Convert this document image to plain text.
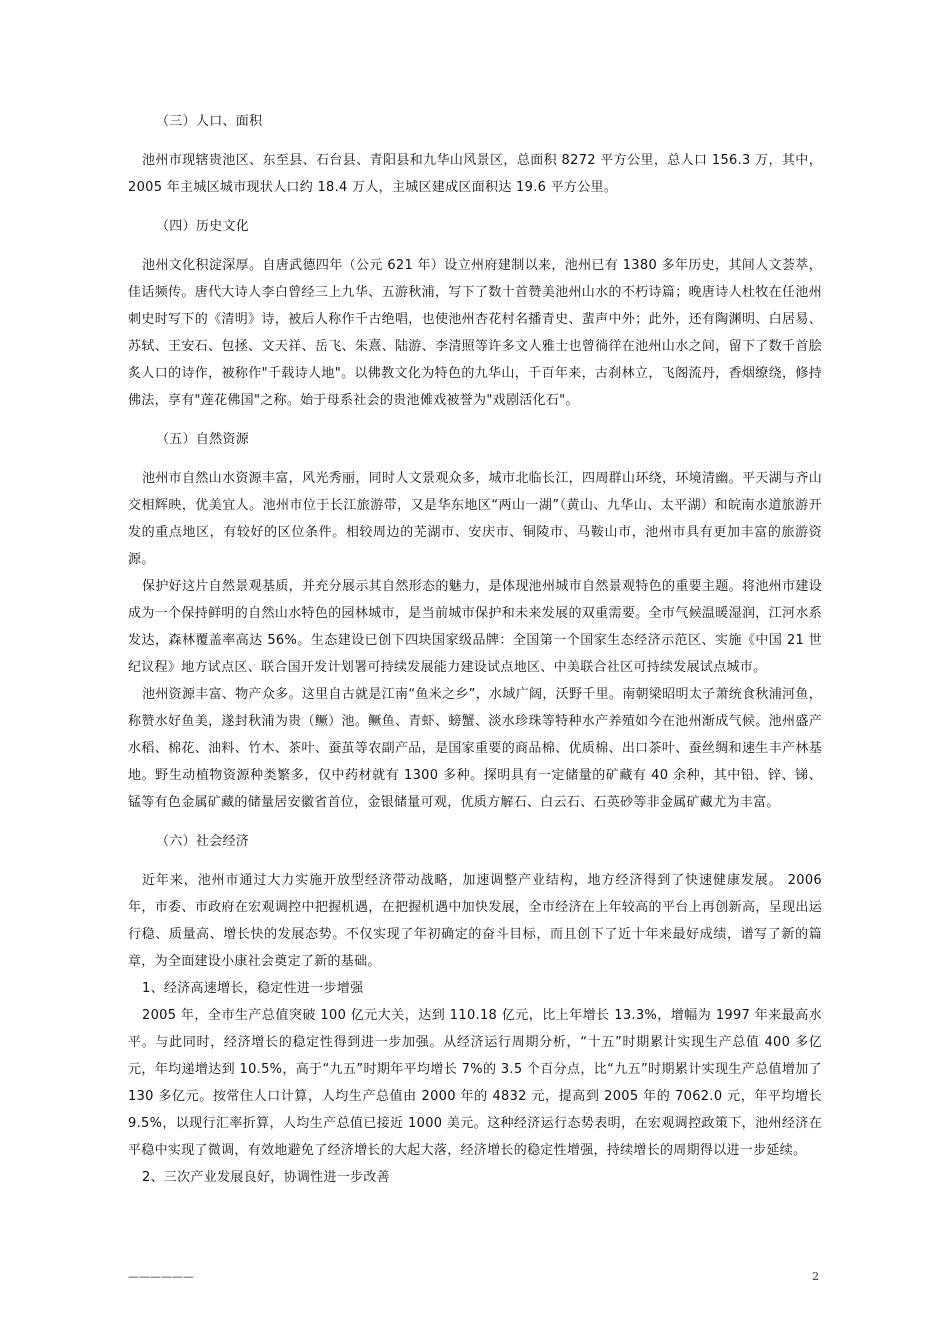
（三）人口、面积

池州市现辖贵池区、东至县、石台县、青阳县和九华山风景区，总面积 8272 平方公里，总人口 156.3 万，其中，2005 年主城区城市现状人口约 18.4 万人，主城区建成区面积达 19.6 平方公里。

（四）历史文化

池州文化积淀深厚。自唐武德四年（公元 621 年）设立州府建制以来，池州已有 1380 多年历史，其间人文荟萃，佳话频传。唐代大诗人李白曾经三上九华、五游秋浦，写下了数十首赞美池州山水的不朽诗篇；晚唐诗人杜牧在任池州刺史时写下的《清明》诗，被后人称作千古绝唱，也使池州杏花村名播青史、蜚声中外；此外，还有陶渊明、白居易、苏轼、王安石、包拯、文天祥、岳飞、朱熹、陆游、李清照等许多文人雅士也曾徜徉在池州山水之间，留下了数千首脍炙人口的诗作，被称作"千载诗人地"。以佛教文化为特色的九华山，千百年来，古刹林立，飞阁流丹，香烟缭绕，修持佛法，享有"莲花佛国"之称。始于母系社会的贵池傩戏被誉为"戏剧活化石"。

（五）自然资源

池州市自然山水资源丰富，风光秀丽，同时人文景观众多，城市北临长江，四周群山环绕，环境清幽。平天湖与齐山交相辉映，优美宜人。池州市位于长江旅游带，又是华东地区“两山一湖”（黄山、九华山、太平湖）和皖南水道旅游开发的重点地区，有较好的区位条件。相较周边的芜湖市、安庆市、铜陵市、马鞍山市，池州市具有更加丰富的旅游资源。

保护好这片自然景观基质，并充分展示其自然形态的魅力，是体现池州城市自然景观特色的重要主题。将池州市建设成为一个保持鲜明的自然山水特色的园林城市，是当前城市保护和未来发展的双重需要。全市气候温暖湿润，江河水系发达，森林覆盖率高达 56%。生态建设已创下四块国家级品牌：全国第一个国家生态经济示范区、实施《中国 21 世纪议程》地方试点区、联合国开发计划署可持续发展能力建设试点地区、中美联合社区可持续发展试点城市。

池州资源丰富、物产众多。这里自古就是江南“鱼米之乡”，水域广阔，沃野千里。南朝梁昭明太子萧统食秋浦河鱼，称赞水好鱼美，遂封秋浦为贵（鳜）池。鳜鱼、青虾、螃蟹、淡水珍珠等特种水产养殖如今在池州渐成气候。池州盛产水稻、棉花、油料、竹木、茶叶、蚕茧等农副产品，是国家重要的商品棉、优质棉、出口茶叶、蚕丝绸和速生丰产林基地。野生动植物资源种类繁多，仅中药材就有 1300 多种。探明具有一定储量的矿藏有 40 余种，其中铅、锌、锑、锰等有色金属矿藏的储量居安徽省首位，金银储量可观，优质方解石、白云石、石英砂等非金属矿藏尤为丰富。

（六）社会经济

近年来，池州市通过大力实施开放型经济带动战略，加速调整产业结构，地方经济得到了快速健康发展。 2006 年，市委、市政府在宏观调控中把握机遇，在把握机遇中加快发展，全市经济在上年较高的平台上再创新高，呈现出运行稳、质量高、增长快的发展态势。不仅实现了年初确定的奋斗目标，而且创下了近十年来最好成绩，谱写了新的篇章，为全面建设小康社会奠定了新的基础。

1、经济高速增长，稳定性进一步增强

2005 年，全市生产总值突破 100 亿元大关，达到 110.18 亿元，比上年增长 13.3%，增幅为 1997 年来最高水平。与此同时，经济增长的稳定性得到进一步加强。从经济运行周期分析，“十五”时期累计实现生产总值 400 多亿元，年均递增达到 10.5%，高于“九五”时期年平均增长 7%的 3.5 个百分点，比“九五”时期累计实现生产总值增加了 130 多亿元。按常住人口计算，人均生产总值由 2000 年的 4832 元，提高到 2005 年的 7062.0 元，年平均增长 9.5%，以现行汇率折算，人均生产总值已接近 1000 美元。这种经济运行态势表明，在宏观调控政策下，池州经济在平稳中实现了微调，有效地避免了经济增长的大起大落，经济增长的稳定性增强，持续增长的周期得以进一步延续。

2、三次产业发展良好，协调性进一步改善

——————	2
